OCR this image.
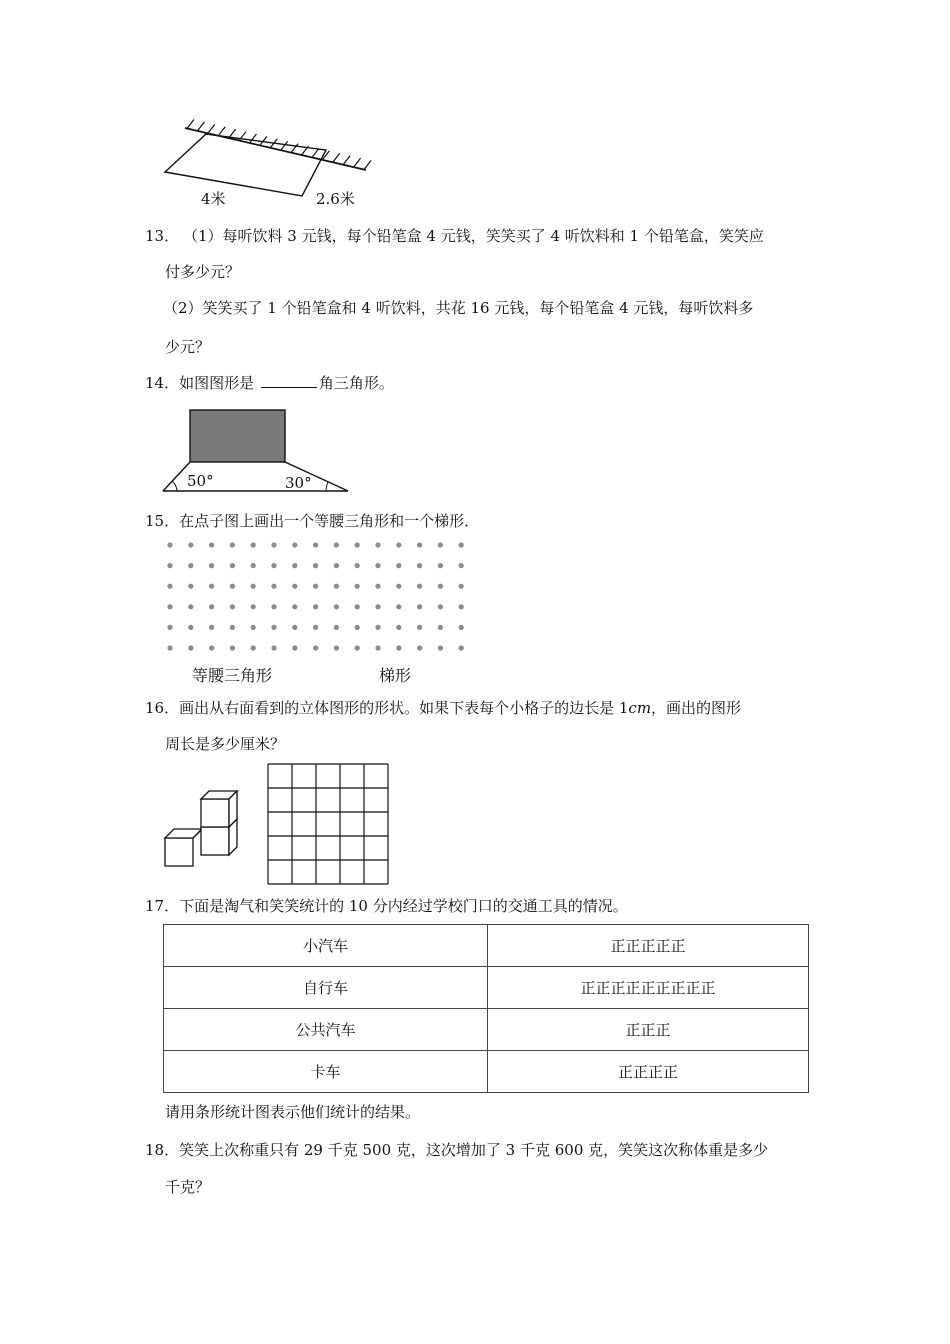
4米	2.6米
13． （1）每听饮料 3 元钱，每个铅笔盒 4 元钱，笑笑买了 4 听饮料和 1 个铅笔盒，笑笑应
付多少元？
（2）笑笑买了 1 个铅笔盒和 4 听饮料，共花 16 元钱，每个铅笔盒 4 元钱，每听饮料多
少元？
14．如图图形是	角三角形。
50°	30°
15．在点子图上画出一个等腰三角形和一个梯形．
等腰三角形	梯形
16．画出从右面看到的立体图形的形状。如果下表每个小格子的边长是 1cm，画出的图形
周长是多少厘米？
17．下面是淘气和笑笑统计的 10 分内经过学校门口的交通工具的情况。
小汽车	正正正正正
自行车	正正正正正正正正正
公共汽车	正正正
卡车	正正正正
请用条形统计图表示他们统计的结果。
18．笑笑上次称重只有 29 千克 500 克，这次增加了 3 千克 600 克，笑笑这次称体重是多少
千克？
